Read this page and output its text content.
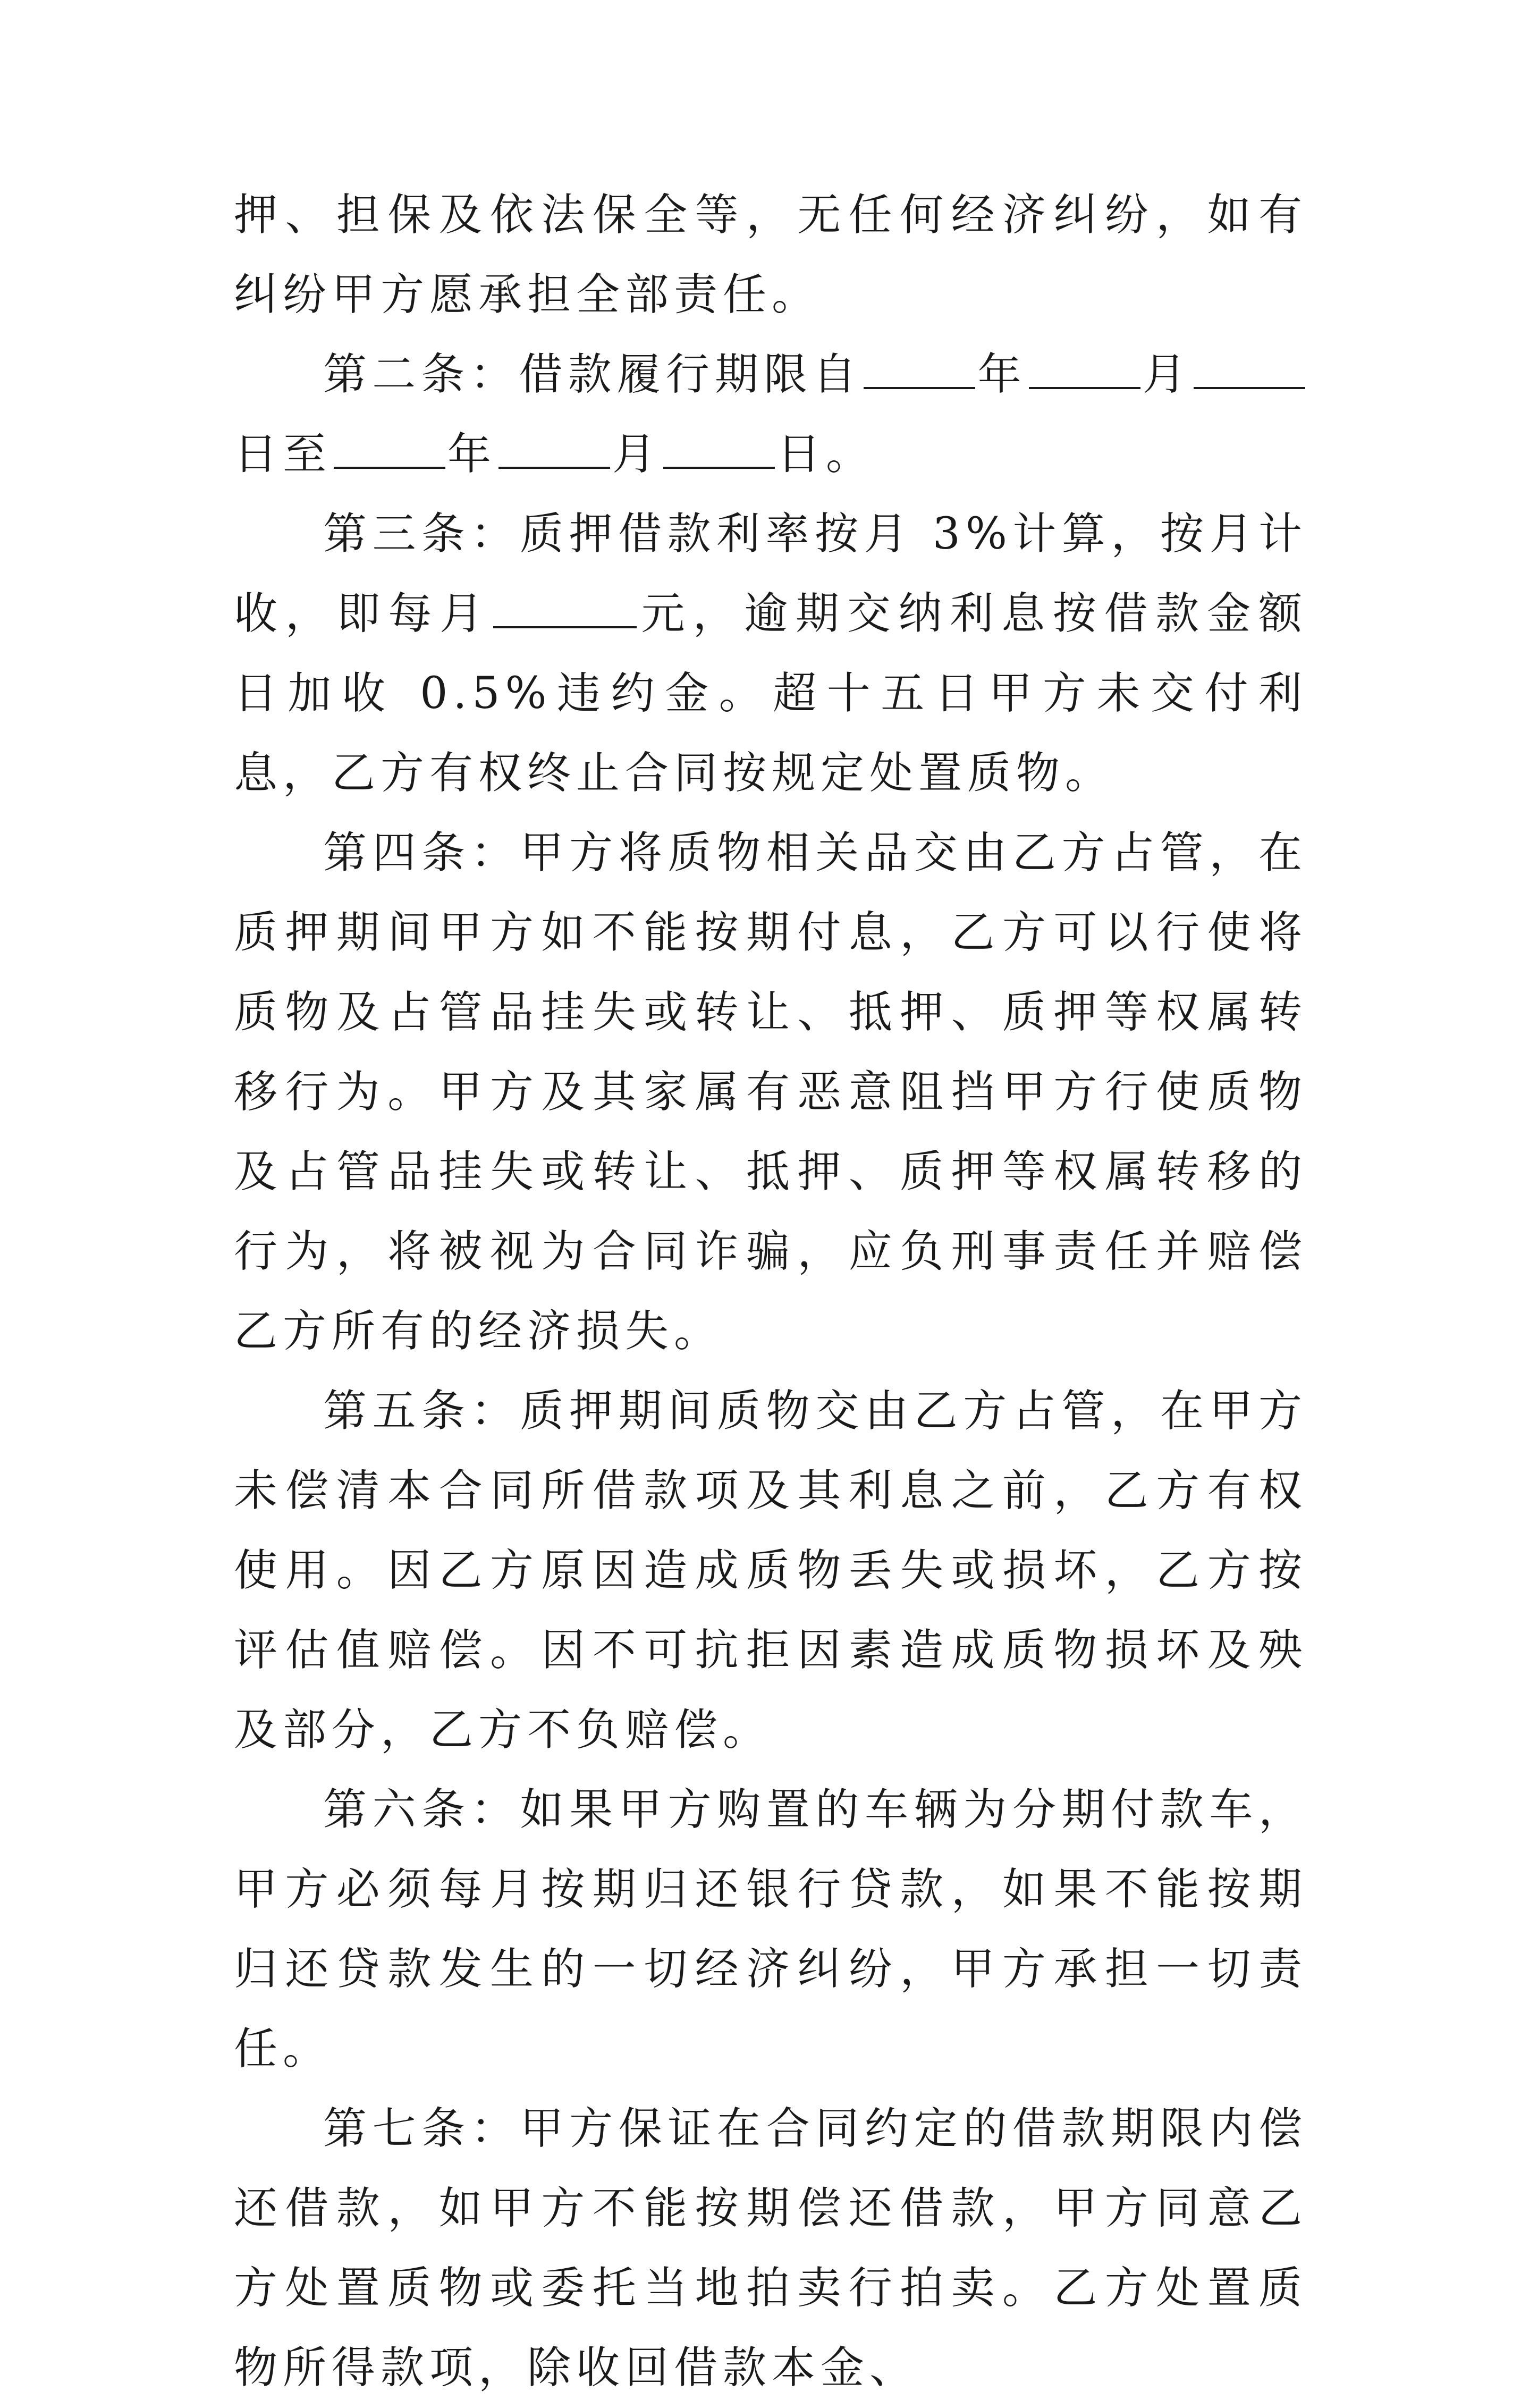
押、担保及依法保全等，无任何经济纠纷，如有纠纷甲方愿承担全部责任。

第二条：借款履行期限自	年	月日至	年	月	日。

第三条：质押借款利率按月 3%计算，按月计收，即每月	元，逾期交纳利息按借款金额日加收 0.5%违约金。超十五日甲方未交付利息，乙方有权终止合同按规定处置质物。

第四条：甲方将质物相关品交由乙方占管，在质押期间甲方如不能按期付息，乙方可以行使将质物及占管品挂失或转让、抵押、质押等权属转移行为。甲方及其家属有恶意阻挡甲方行使质物及占管品挂失或转让、抵押、质押等权属转移的行为，将被视为合同诈骗，应负刑事责任并赔偿乙方所有的经济损失。

第五条：质押期间质物交由乙方占管，在甲方未偿清本合同所借款项及其利息之前，乙方有权使用。因乙方原因造成质物丢失或损坏，乙方按评估值赔偿。因不可抗拒因素造成质物损坏及殃及部分，乙方不负赔偿。

第六条：如果甲方购置的车辆为分期付款车，甲方必须每月按期归还银行贷款，如果不能按期归还贷款发生的一切经济纠纷，甲方承担一切责任。

第七条：甲方保证在合同约定的借款期限内偿还借款，如甲方不能按期偿还借款，甲方同意乙方处置质物或委托当地拍卖行拍卖。乙方处置质物所得款项，除收回借款本金、
